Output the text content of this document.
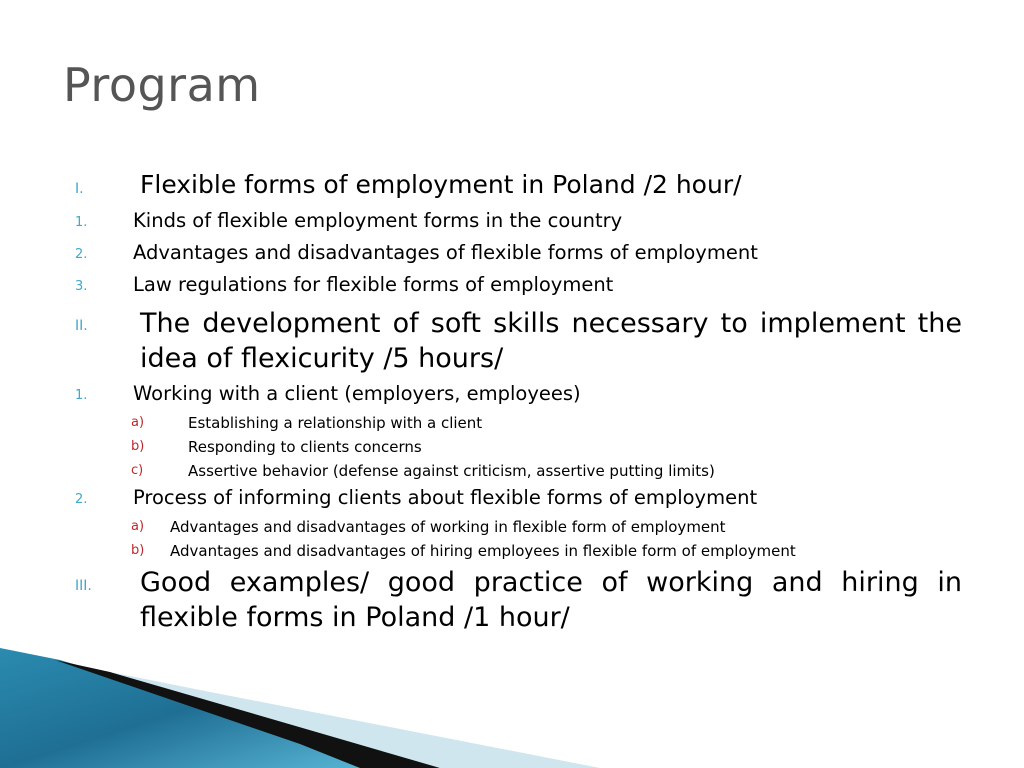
Program
I. Flexible forms of employment in Poland /2 hour/
1. Kinds of flexible employment forms in the country
2. Advantages and disadvantages of flexible forms of employment
3. Law regulations for flexible forms of employment
II. The development of soft skills necessary to implement the idea of flexicurity /5 hours/
1. Working with a client (employers, employees)
a)	Establishing a relationship with a client
b)	Responding to clients concerns
c)	Assertive behavior (defense against criticism, assertive putting limits)
2. Process of informing clients about flexible forms of employment
a) Advantages and disadvantages of working in flexible form of employment
b) Advantages and disadvantages of hiring employees in flexible form of employment
III. Good examples/ good practice of working and hiring in flexible forms in Poland /1 hour/
